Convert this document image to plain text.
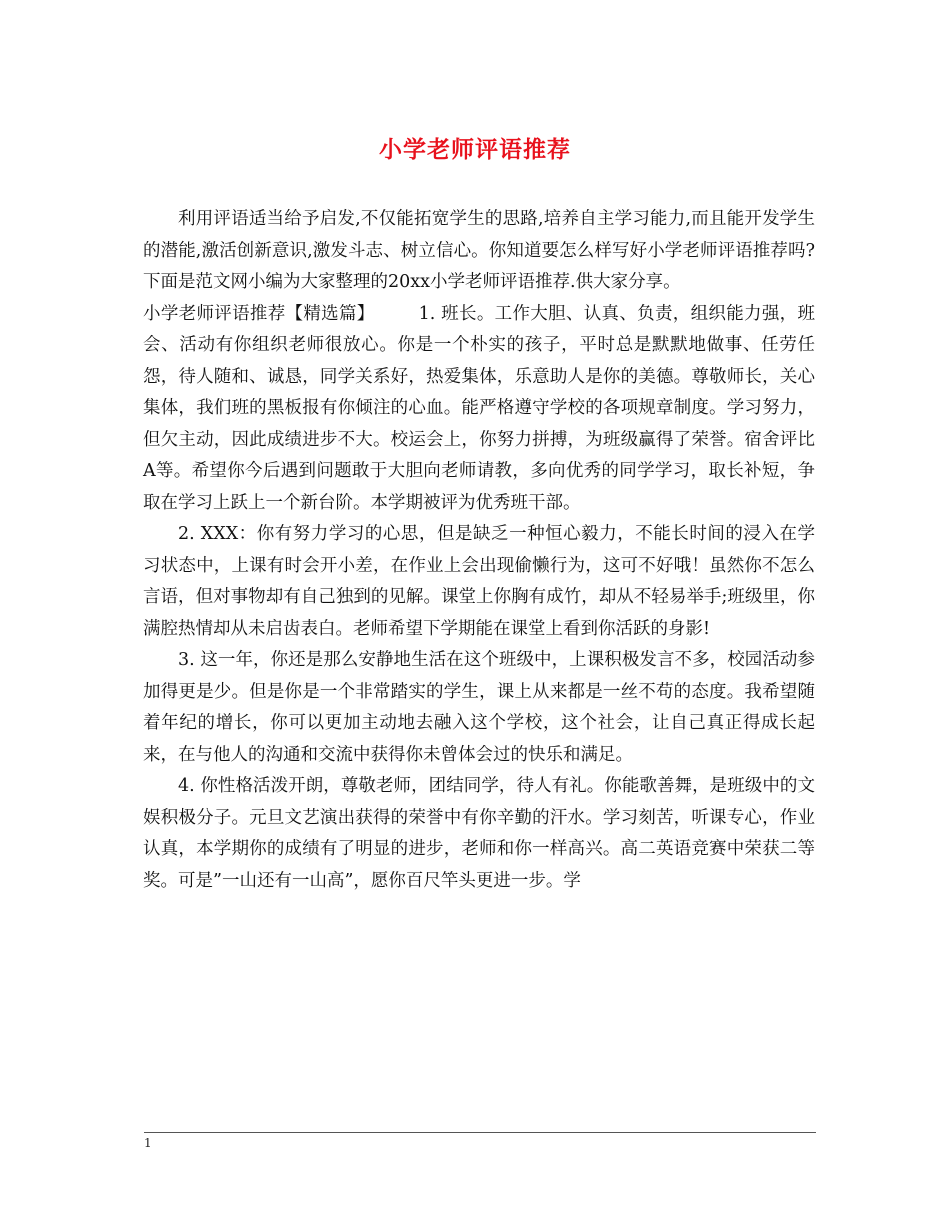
小学老师评语推荐

利用评语适当给予启发,不仅能拓宽学生的思路,培养自主学习能力,而且能开发学生的潜能,激活创新意识,激发斗志、树立信心。你知道要怎么样写好小学老师评语推荐吗?下面是范文网小编为大家整理的20xx小学老师评语推荐.供大家分享。

小学老师评语推荐【精选篇】	1. 班长。工作大胆、认真、负责，组织能力强，班会、活动有你组织老师很放心。你是一个朴实的孩子，平时总是默默地做事、任劳任怨，待人随和、诚恳，同学关系好，热爱集体，乐意助人是你的美德。尊敬师长，关心集体，我们班的黑板报有你倾注的心血。能严格遵守学校的各项规章制度。学习努力，但欠主动，因此成绩进步不大。校运会上，你努力拼搏，为班级赢得了荣誉。宿舍评比A等。希望你今后遇到问题敢于大胆向老师请教，多向优秀的同学学习，取长补短，争取在学习上跃上一个新台阶。本学期被评为优秀班干部。

2. XXX：你有努力学习的心思，但是缺乏一种恒心毅力，不能长时间的浸入在学习状态中，上课有时会开小差，在作业上会出现偷懒行为，这可不好哦！虽然你不怎么言语，但对事物却有自己独到的见解。课堂上你胸有成竹，却从不轻易举手;班级里，你满腔热情却从未启齿表白。老师希望下学期能在课堂上看到你活跃的身影!

3. 这一年，你还是那么安静地生活在这个班级中，上课积极发言不多，校园活动参加得更是少。但是你是一个非常踏实的学生，课上从来都是一丝不苟的态度。我希望随着年纪的增长，你可以更加主动地去融入这个学校，这个社会，让自己真正得成长起来，在与他人的沟通和交流中获得你未曾体会过的快乐和满足。

4. 你性格活泼开朗，尊敬老师，团结同学，待人有礼。你能歌善舞，是班级中的文娱积极分子。元旦文艺演出获得的荣誉中有你辛勤的汗水。学习刻苦，听课专心，作业认真，本学期你的成绩有了明显的进步，老师和你一样高兴。高二英语竞赛中荣获二等奖。可是”一山还有一山高”，愿你百尺竿头更进一步。学

1
